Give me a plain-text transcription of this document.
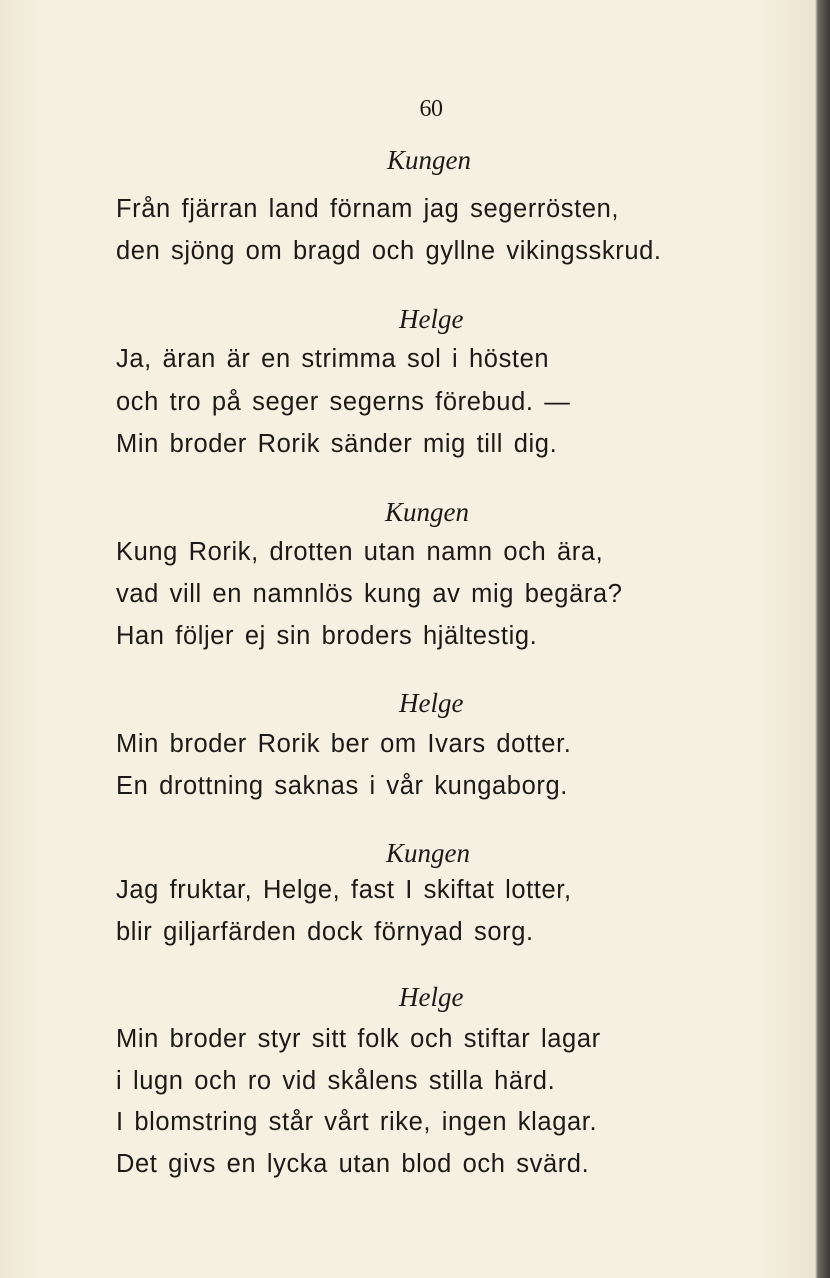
60
Kungen
Från fjärran land förnam jag segerrösten,
den sjöng om bragd och gyllne vikingsskrud.
Helge
Ja, äran är en strimma sol i hösten
och tro på seger segerns förebud. —
Min broder Rorik sänder mig till dig.
Kungen
Kung Rorik, drotten utan namn och ära,
vad vill en namnlös kung av mig begära?
Han följer ej sin broders hjältestig.
Helge
Min broder Rorik ber om Ivars dotter.
En drottning saknas i vår kungaborg.
Kungen
Jag fruktar, Helge, fast I skiftat lotter,
blir giljarfärden dock förnyad sorg.
Helge
Min broder styr sitt folk och stiftar lagar
i lugn och ro vid skålens stilla härd.
I blomstring står vårt rike, ingen klagar.
Det givs en lycka utan blod och svärd.
